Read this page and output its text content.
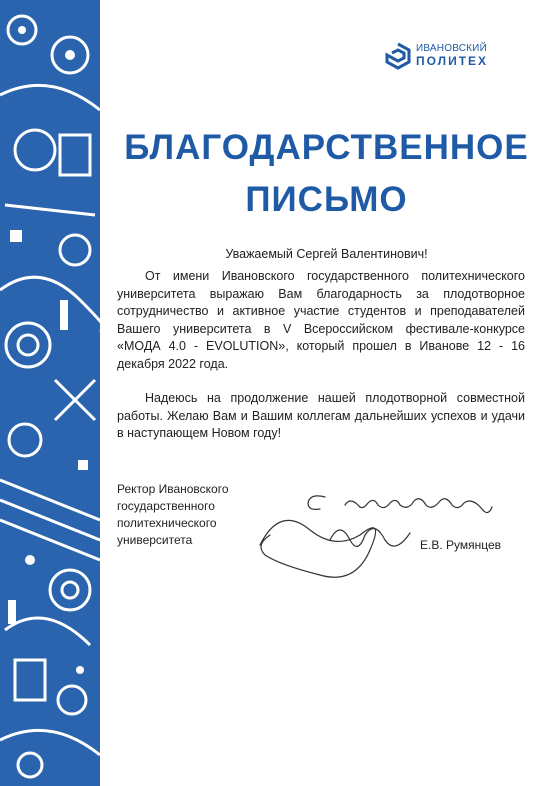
ИВАНОВСКИЙ
ПОЛИТЕХ
БЛАГОДАРСТВЕННОЕ
ПИСЬМО

Уважаемый Сергей Валентинович!

От имени Ивановского государственного политехнического университета выражаю Вам благодарность за плодотворное сотрудничество и активное участие студентов и преподавателей Вашего университета в V Всероссийском фестивале-конкурсе «МОДА 4.0 - EVOLUTION», который прошел в Иванове 12 - 16 декабря 2022 года.

Надеюсь на продолжение нашей плодотворной совместной работы. Желаю Вам и Вашим коллегам дальнейших успехов и удачи в наступающем Новом году!

Ректор Ивановского государственного политехнического университета	Е.В. Румянцев
